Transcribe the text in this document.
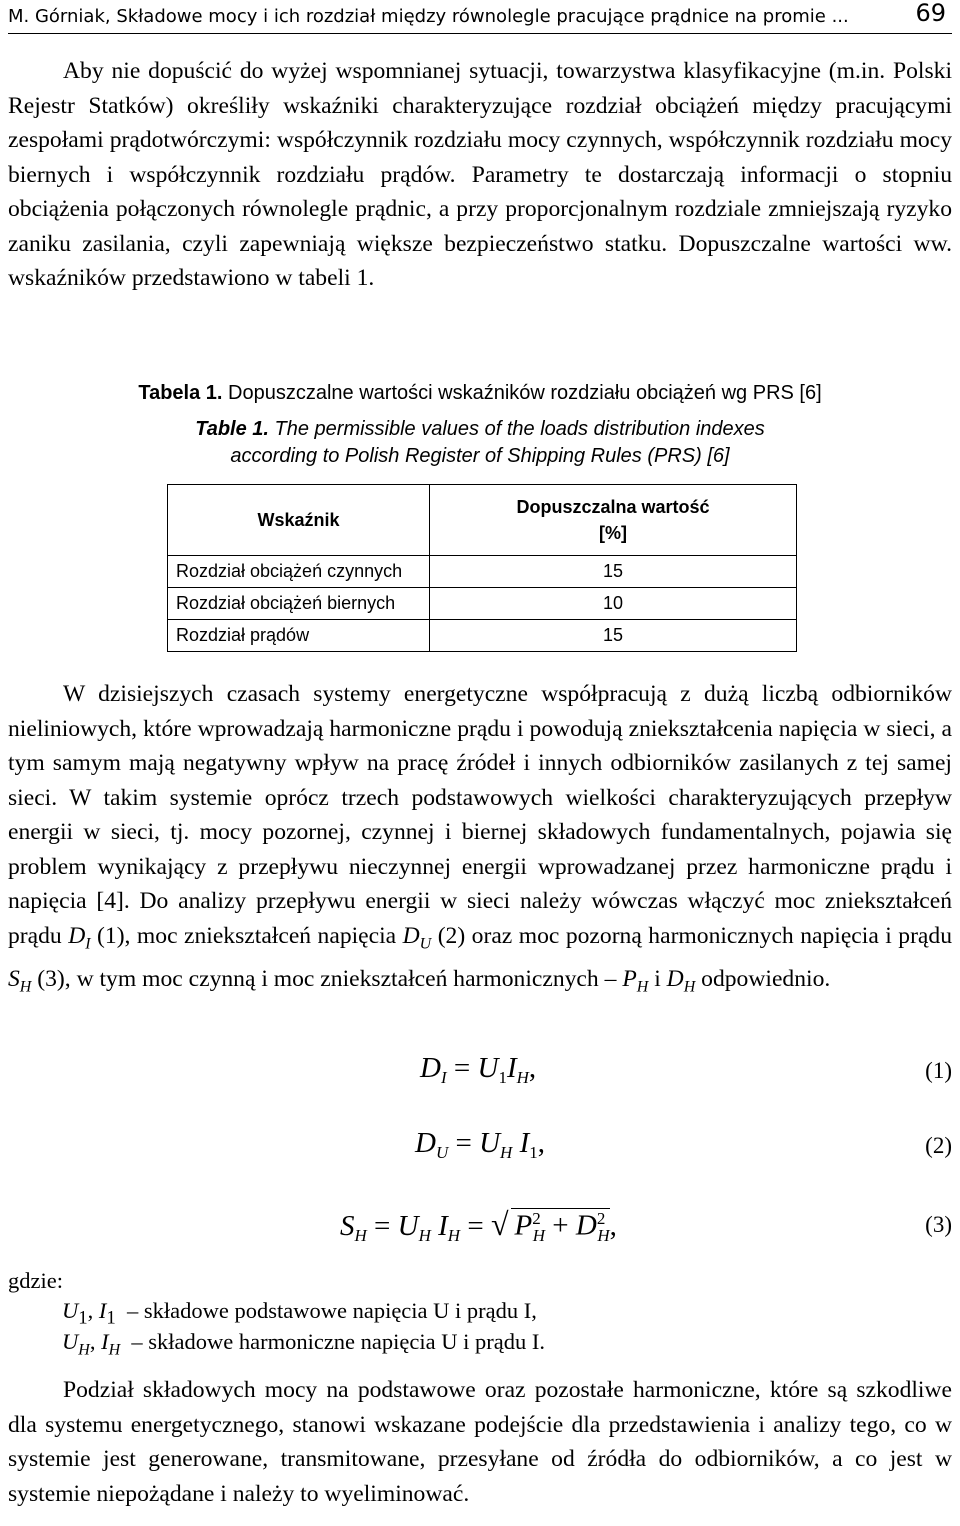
M. Górniak, Składowe mocy i ich rozdział między równolegle pracujące prądnice na promie ...	69

Aby nie dopuścić do wyżej wspomnianej sytuacji, towarzystwa klasyfikacyjne (m.in. Polski Rejestr Statków) określiły wskaźniki charakteryzujące rozdział obciążeń między pracującymi zespołami prądotwórczymi: współczynnik rozdziału mocy czynnych, współczynnik rozdziału mocy biernych i współczynnik rozdziału prądów. Parametry te dostarczają informacji o stopniu obciążenia połączonych równolegle prądnic, a przy proporcjonalnym rozdziale zmniejszają ryzyko zaniku zasilania, czyli zapewniają większe bezpieczeństwo statku. Dopuszczalne wartości ww. wskaźników przedstawiono w tabeli 1.

Tabela 1. Dopuszczalne wartości wskaźników rozdziału obciążeń wg PRS [6]
Table 1. The permissible values of the loads distribution indexes
according to Polish Register of Shipping Rules (PRS) [6]
Wskaźnik	Dopuszczalna wartość
[%]
Rozdział obciążeń czynnych	15
Rozdział obciążeń biernych	10
Rozdział prądów	15

W dzisiejszych czasach systemy energetyczne współpracują z dużą liczbą odbiorników nieliniowych, które wprowadzają harmoniczne prądu i powodują zniekształcenia napięcia w sieci, a tym samym mają negatywny wpływ na pracę źródeł i innych odbiorników zasilanych z tej samej sieci. W takim systemie oprócz trzech podstawowych wielkości charakteryzujących przepływ energii w sieci, tj. mocy pozornej, czynnej i biernej składowych fundamentalnych, pojawia się problem wynikający z przepływu nieczynnej energii wprowadzanej przez harmoniczne prądu i napięcia [4]. Do analizy przepływu energii w sieci należy wówczas włączyć moc zniekształceń prądu $D_I$ (1), moc zniekształceń napięcia $D_U$ (2) oraz moc pozorną harmonicznych napięcia i prądu $S_H$ (3), w tym moc czynną i moc zniekształceń harmonicznych – $P_H$ i $D_H$ odpowiednio.

$D_I = U_1I_H$,	(1)
$D_U = U_H$ $I_1$,	(2)
$S_H = U_H$ $I_H$ = √ $P^2_H + D^2_H$,	(3)
gdzie:
$U_1$, $I_1$ – składowe podstawowe napięcia U i prądu I,
$U_H$, $I_H$ – składowe harmoniczne napięcia U i prądu I.

Podział składowych mocy na podstawowe oraz pozostałe harmoniczne, które są szkodliwe dla systemu energetycznego, stanowi wskazane podejście dla przedstawienia i analizy tego, co w systemie jest generowane, transmitowane, przesyłane od źródła do odbiorników, a co jest w systemie niepożądane i należy to wyeliminować.
